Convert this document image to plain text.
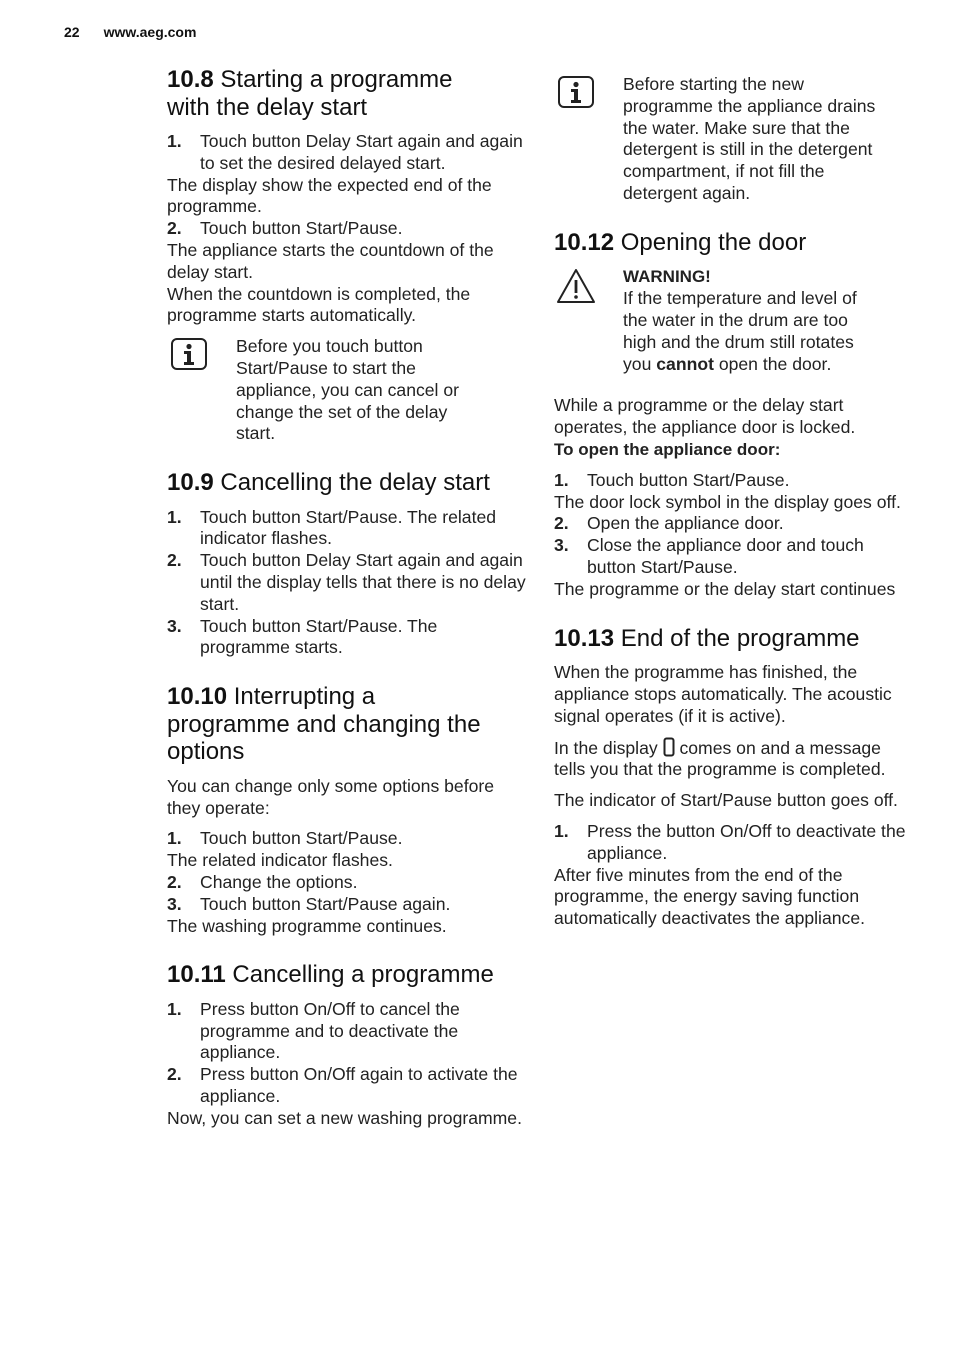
22 www.aeg.com
10.8 Starting a programme
with the delay start
1. Touch button Delay Start again and again to set the desired delayed start.

The display show the expected end of the programme.

2. Touch button Start/Pause.

The appliance starts the countdown of the delay start.

When the countdown is completed, the programme starts automatically.

Before you touch button Start/Pause to start the appliance, you can cancel or change the set of the delay start.
10.9 Cancelling the delay start
1. Touch button Start/Pause. The related indicator flashes.
2. Touch button Delay Start again and again until the display tells that there is no delay start.
3. Touch button Start/Pause. The programme starts.
10.10 Interrupting a
programme and changing the
options

You can change only some options before they operate:

1. Touch button Start/Pause.

The related indicator flashes.

2. Change the options.
3. Touch button Start/Pause again.

The washing programme continues.

10.11 Cancelling a programme
1. Press button On/Off to cancel the programme and to deactivate the appliance.
2. Press button On/Off again to activate the appliance.

Now, you can set a new washing programme.

Before starting the new programme the appliance drains the water. Make sure that the detergent is still in the detergent compartment, if not fill the detergent again.
10.12 Opening the door
WARNING!
If the temperature and level of the water in the drum are too high and the drum still rotates you cannot open the door.

While a programme or the delay start operates, the appliance door is locked.

To open the appliance door:

1. Touch button Start/Pause.

The door lock symbol in the display goes off.

2. Open the appliance door.
3. Close the appliance door and touch button Start/Pause.

The programme or the delay start continues

10.13 End of the programme

When the programme has finished, the appliance stops automatically. The acoustic signal operates (if it is active).

In the display comes on and a message tells you that the programme is completed.

The indicator of Start/Pause button goes off.

1. Press the button On/Off to deactivate the appliance.

After five minutes from the end of the programme, the energy saving function automatically deactivates the appliance.
